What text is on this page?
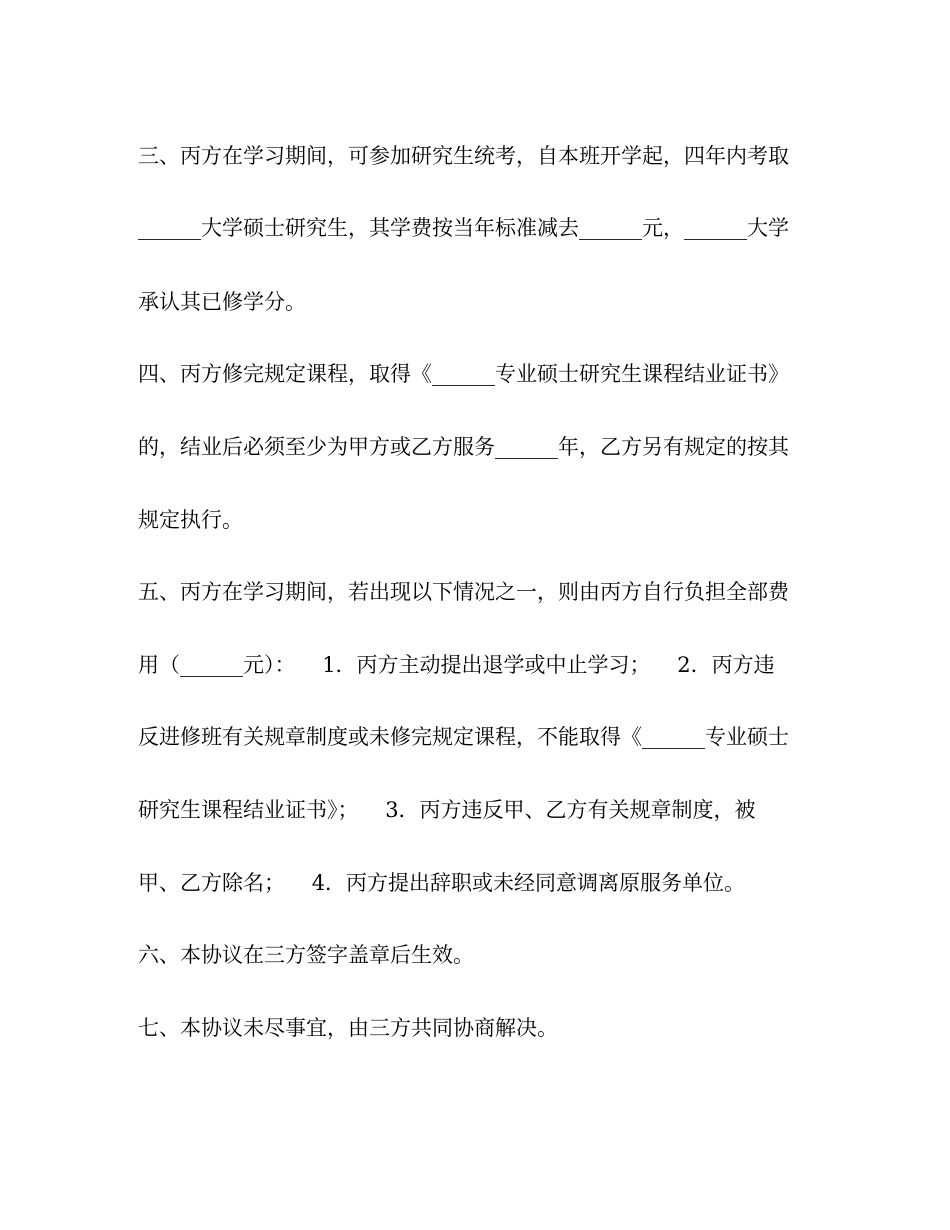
三、丙方在学习期间，可参加研究生统考，自本班开学起，四年内考取
______大学硕士研究生，其学费按当年标准减去______元，______大学
承认其已修学分。
四、丙方修完规定课程，取得《______专业硕士研究生课程结业证书》
的，结业后必须至少为甲方或乙方服务______年，乙方另有规定的按其
规定执行。
五、丙方在学习期间，若出现以下情况之一，则由丙方自行负担全部费
用（______元）：    1．丙方主动提出退学或中止学习；    2．丙方违
反进修班有关规章制度或未修完规定课程，不能取得《______专业硕士
研究生课程结业证书》；    3．丙方违反甲、乙方有关规章制度，被
甲、乙方除名；    4．丙方提出辞职或未经同意调离原服务单位。
六、本协议在三方签字盖章后生效。
七、本协议未尽事宜，由三方共同协商解决。
